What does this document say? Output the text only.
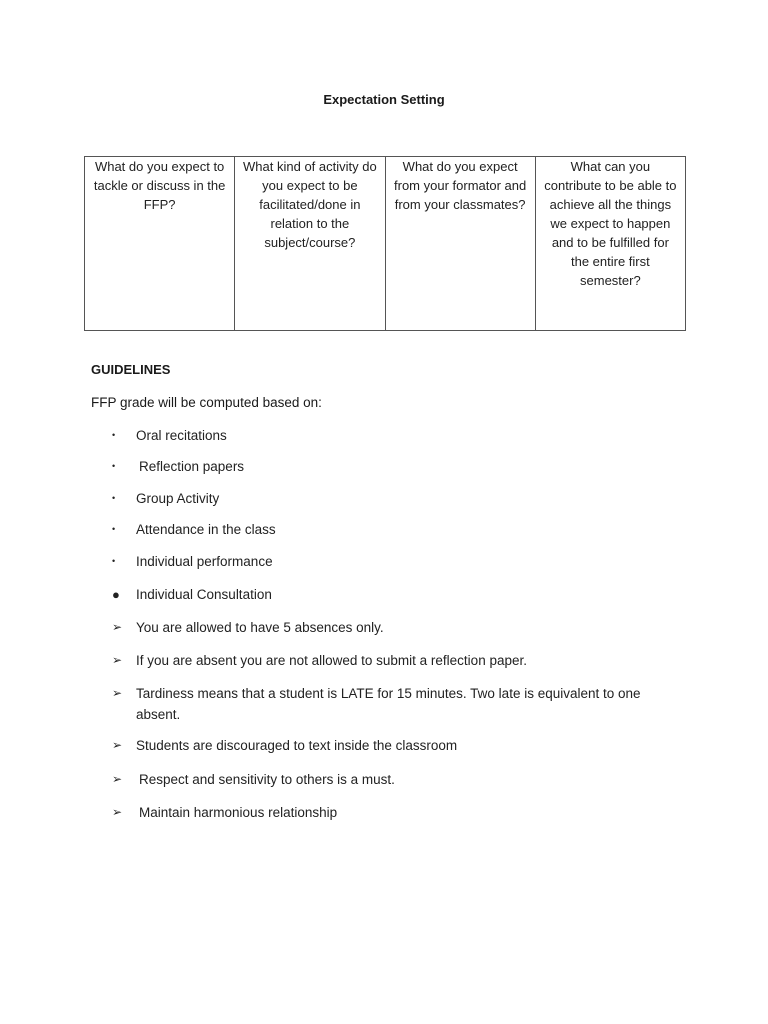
Expectation Setting
What do you expect to tackle or discuss in the FFP?	What kind of activity do you expect to be facilitated/done in relation to the subject/course?	What do you expect from your formator and from your classmates?	What can you contribute to be able to achieve all the things we expect to happen and to be fulfilled for the entire first semester?
GUIDELINES

FFP grade will be computed based on:

•	Oral recitations
•	Reflection papers
•	Group Activity
•	Attendance in the class
•	Individual performance
●	Individual Consultation
➢	You are allowed to have 5 absences only.
➢	If you are absent you are not allowed to submit a reflection paper.
➢	Tardiness means that a student is LATE for 15 minutes. Two late is equivalent to one absent.
➢	Students are discouraged to text inside the classroom
➢	Respect and sensitivity to others is a must.
➢	Maintain harmonious relationship
